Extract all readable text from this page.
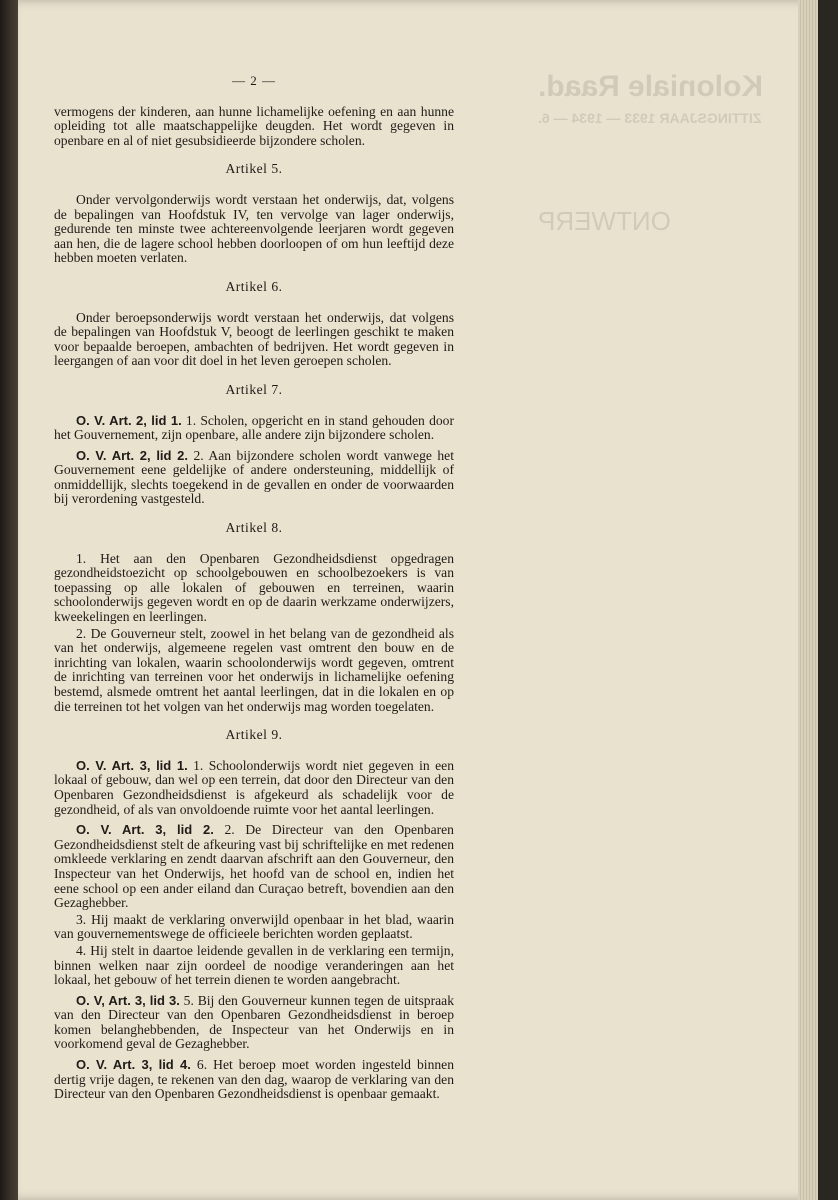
Koloniale Raad.
ZITTINGSJAAR 1933 — 1934 — 6.
ONTWERP
— 2 —

vermogens der kinderen, aan hunne lichamelijke oefening en aan hunne opleiding tot alle maatschappelijke deugden. Het wordt gegeven in openbare en al of niet gesubsidieerde bijzondere scholen.

Artikel 5.

Onder vervolgonderwijs wordt verstaan het onderwijs, dat, volgens de bepalingen van Hoofdstuk IV, ten vervolge van lager onderwijs, gedurende ten minste twee achtereenvolgende leerjaren wordt gegeven aan hen, die de lagere school hebben doorloopen of om hun leeftijd deze hebben moeten verlaten.

Artikel 6.

Onder beroepsonderwijs wordt verstaan het onderwijs, dat volgens de bepalingen van Hoofdstuk V, beoogt de leerlingen geschikt te maken voor bepaalde beroepen, ambachten of bedrijven. Het wordt gegeven in leergangen of aan voor dit doel in het leven geroepen scholen.

Artikel 7.

O. V. Art. 2, lid 1. 1. Scholen, opgericht en in stand gehouden door het Gouvernement, zijn openbare, alle andere zijn bijzondere scholen.

O. V. Art. 2, lid 2. 2. Aan bijzondere scholen wordt vanwege het Gouvernement eene geldelijke of andere ondersteuning, middellijk of onmiddellijk, slechts toegekend in de gevallen en onder de voorwaarden bij verordening vastgesteld.

Artikel 8.

1. Het aan den Openbaren Gezondheidsdienst opgedragen gezondheidstoezicht op schoolgebouwen en schoolbezoekers is van toepassing op alle lokalen of gebouwen en terreinen, waarin schoolonderwijs gegeven wordt en op de daarin werkzame onderwijzers, kweekelingen en leerlingen.

2. De Gouverneur stelt, zoowel in het belang van de gezondheid als van het onderwijs, algemeene regelen vast omtrent den bouw en de inrichting van lokalen, waarin schoolonderwijs wordt gegeven, omtrent de inrichting van terreinen voor het onderwijs in lichamelijke oefening bestemd, alsmede omtrent het aantal leerlingen, dat in die lokalen en op die terreinen tot het volgen van het onderwijs mag worden toegelaten.

Artikel 9.

O. V. Art. 3, lid 1. 1. Schoolonderwijs wordt niet gegeven in een lokaal of gebouw, dan wel op een terrein, dat door den Directeur van den Openbaren Gezondheidsdienst is afgekeurd als schadelijk voor de gezondheid, of als van onvoldoende ruimte voor het aantal leerlingen.

O. V. Art. 3, lid 2. 2. De Directeur van den Openbaren Gezondheidsdienst stelt de afkeuring vast bij schriftelijke en met redenen omkleede verklaring en zendt daarvan afschrift aan den Gouverneur, den Inspecteur van het Onderwijs, het hoofd van de school en, indien het eene school op een ander eiland dan Curaçao betreft, bovendien aan den Gezaghebber.

3. Hij maakt de verklaring onverwijld openbaar in het blad, waarin van gouvernementswege de officieele berichten worden geplaatst.

4. Hij stelt in daartoe leidende gevallen in de verklaring een termijn, binnen welken naar zijn oordeel de noodige veranderingen aan het lokaal, het gebouw of het terrein dienen te worden aangebracht.

O. V, Art. 3, lid 3. 5. Bij den Gouverneur kunnen tegen de uitspraak van den Directeur van den Openbaren Gezondheidsdienst in beroep komen belanghebbenden, de Inspecteur van het Onderwijs en in voorkomend geval de Gezaghebber.

O. V. Art. 3, lid 4. 6. Het beroep moet worden ingesteld binnen dertig vrije dagen, te rekenen van den dag, waarop de verklaring van den Directeur van den Openbaren Gezondheidsdienst is openbaar gemaakt.
